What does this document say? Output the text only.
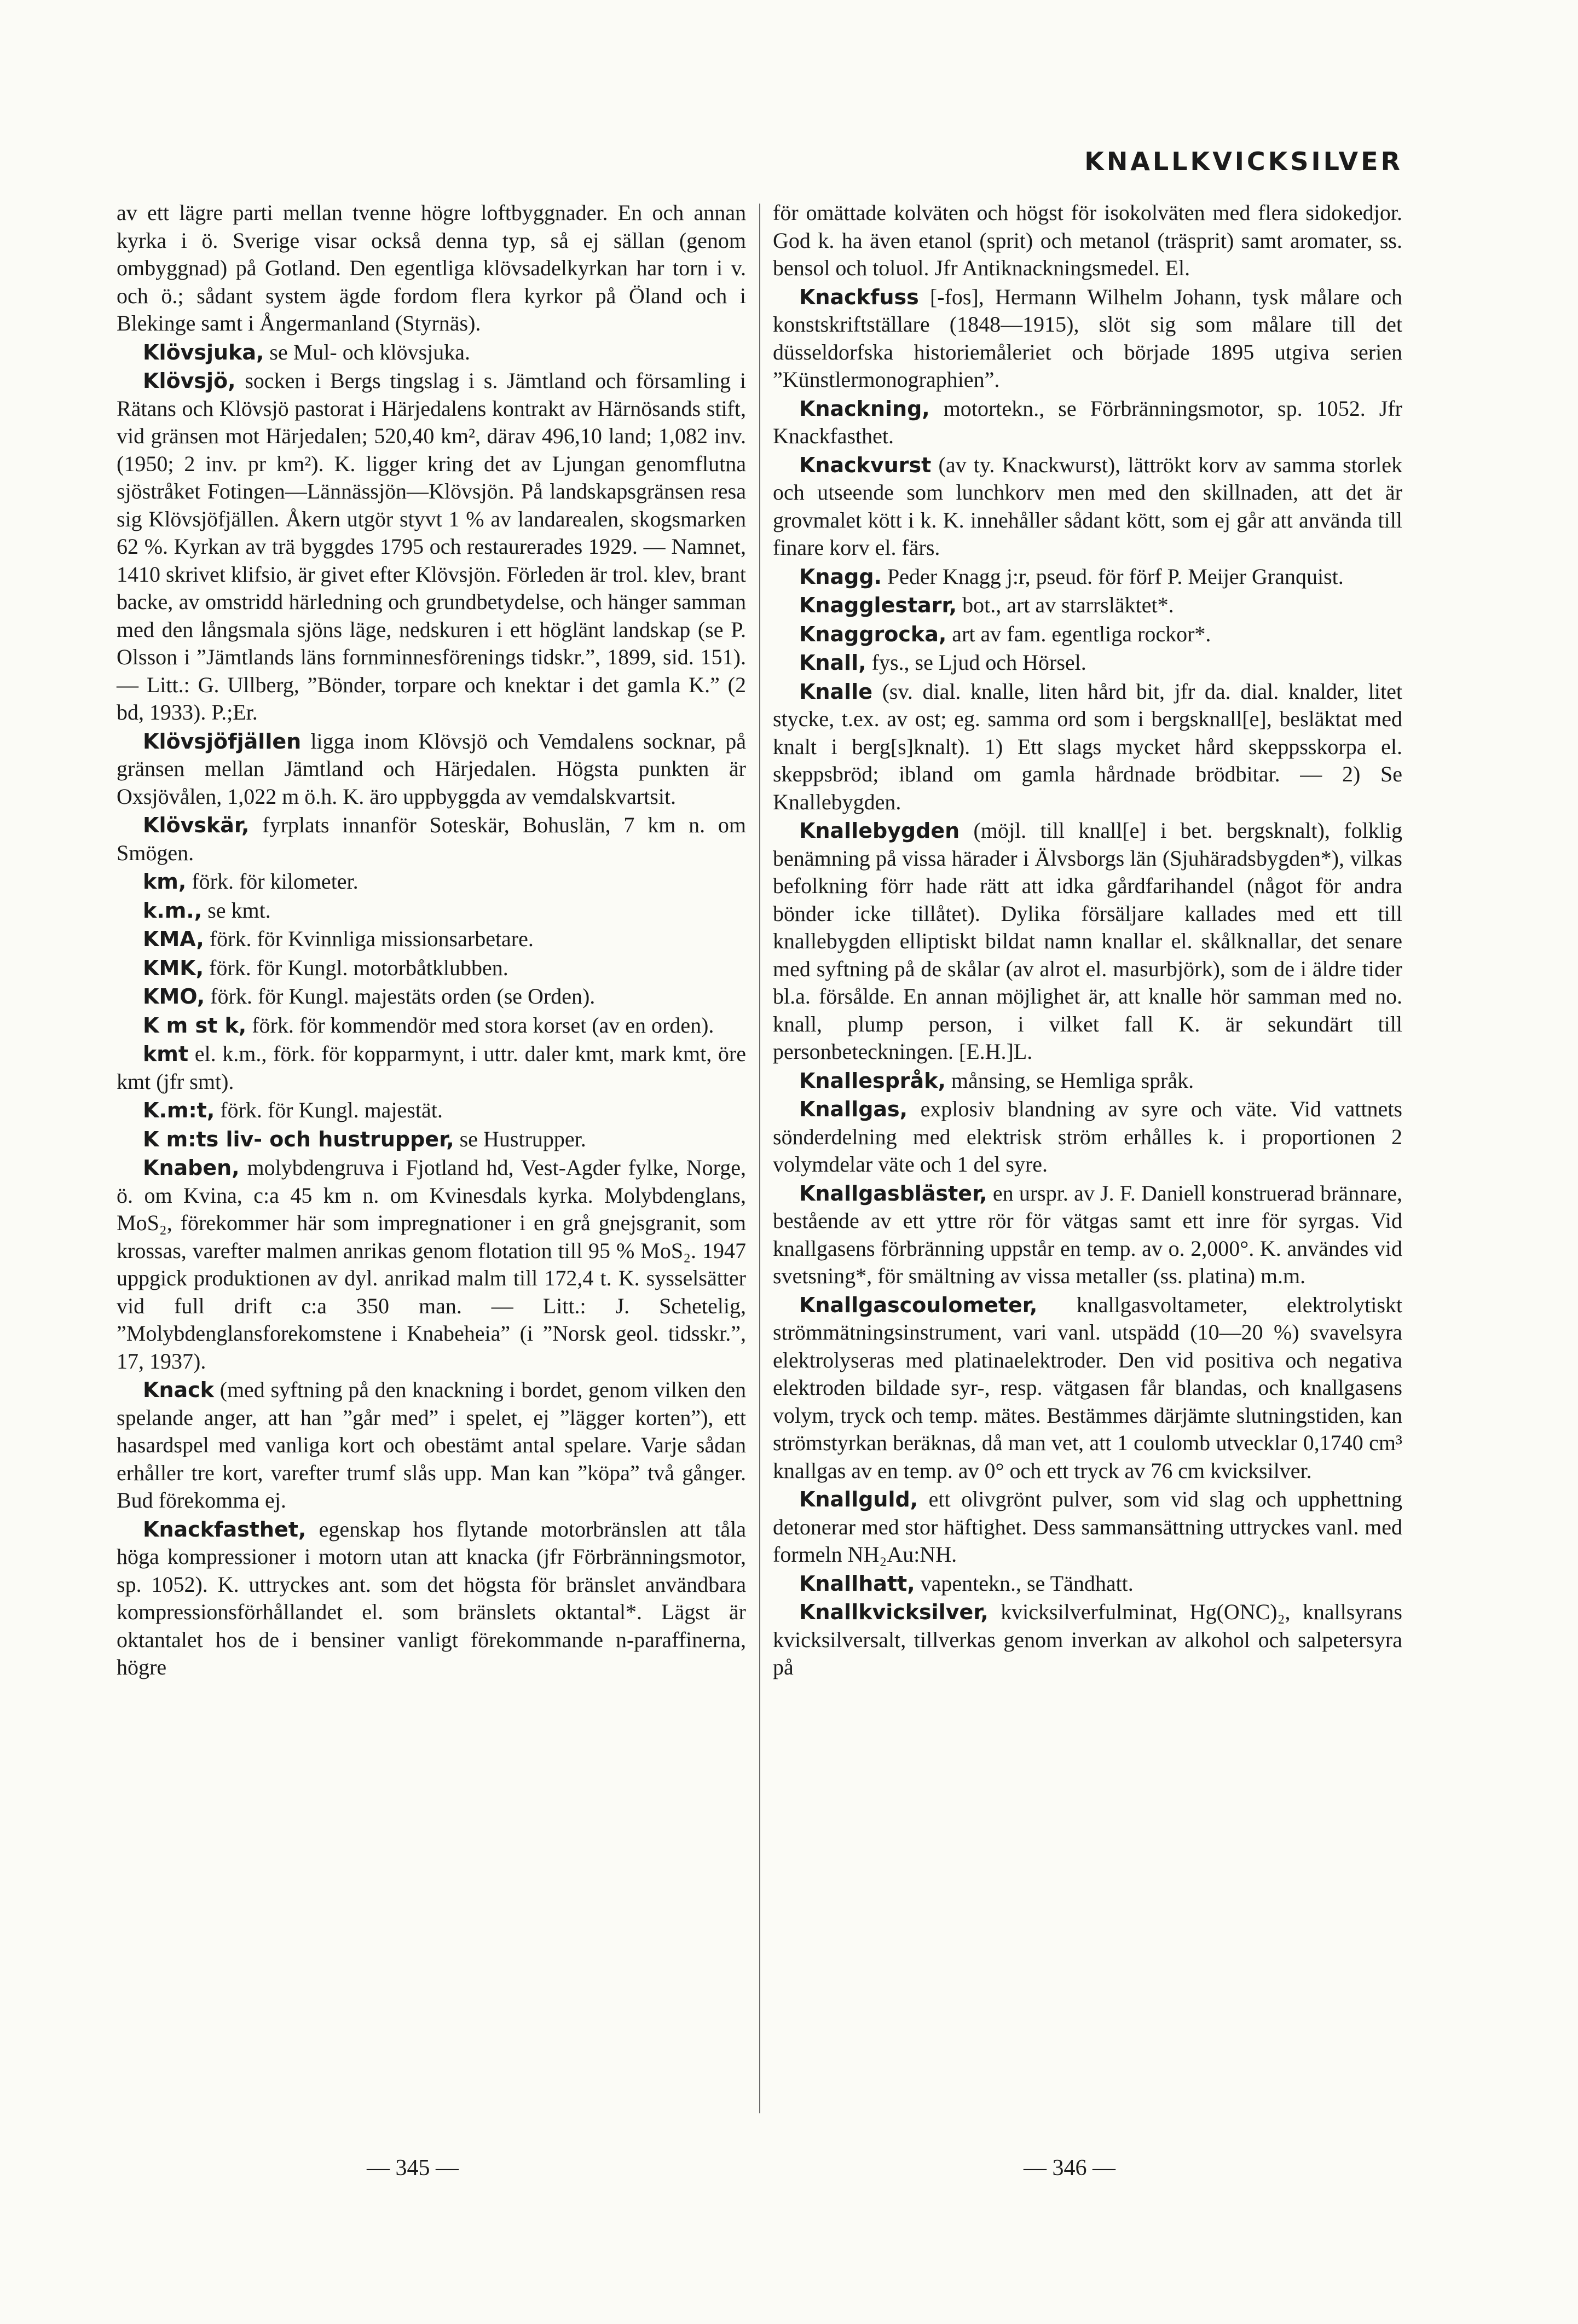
KNALLKVICKSILVER

av ett lägre parti mellan tvenne högre loftbyggnader. En och annan kyrka i ö. Sverige visar också denna typ, så ej sällan (genom ombyggnad) på Gotland. Den egentliga klövsadelkyrkan har torn i v. och ö.; sådant system ägde fordom flera kyrkor på Öland och i Blekinge samt i Ångermanland (Styrnäs).

Klövsjuka, se Mul- och klövsjuka.

Klövsjö, socken i Bergs tingslag i s. Jämtland och församling i Rätans och Klövsjö pastorat i Härjedalens kontrakt av Härnösands stift, vid gränsen mot Härjedalen; 520,40 km², därav 496,10 land; 1,082 inv. (1950; 2 inv. pr km²). K. ligger kring det av Ljungan genomflutna sjöstråket Fotingen—Lännässjön—Klövsjön. På landskapsgränsen resa sig Klövsjöfjällen. Åkern utgör styvt 1 % av landarealen, skogsmarken 62 %. Kyrkan av trä byggdes 1795 och restaurerades 1929. — Namnet, 1410 skrivet klifsio, är givet efter Klövsjön. Förleden är trol. klev, brant backe, av omstridd härledning och grundbetydelse, och hänger samman med den långsmala sjöns läge, nedskuren i ett höglänt landskap (se P. Olsson i ”Jämtlands läns fornminnesförenings tidskr.”, 1899, sid. 151). — Litt.: G. Ullberg, ”Bönder, torpare och knektar i det gamla K.” (2 bd, 1933). P.;Er.

Klövsjöfjällen ligga inom Klövsjö och Vemdalens socknar, på gränsen mellan Jämtland och Härjedalen. Högsta punkten är Oxsjövålen, 1,022 m ö.h. K. äro uppbyggda av vemdalskvartsit.

Klövskär, fyrplats innanför Soteskär, Bohuslän, 7 km n. om Smögen.

km, förk. för kilometer.

k.m., se kmt.

KMA, förk. för Kvinnliga missionsarbetare.

KMK, förk. för Kungl. motorbåtklubben.

KMO, förk. för Kungl. majestäts orden (se Orden).

K m st k, förk. för kommendör med stora korset (av en orden).

kmt el. k.m., förk. för kopparmynt, i uttr. daler kmt, mark kmt, öre kmt (jfr smt).

K.m:t, förk. för Kungl. majestät.

K m:ts liv- och hustrupper, se Hustrupper.

Knaben, molybdengruva i Fjotland hd, Vest-Agder fylke, Norge, ö. om Kvina, c:a 45 km n. om Kvinesdals kyrka. Molybdenglans, MoS₂, förekommer här som impregnationer i en grå gnejsgranit, som krossas, varefter malmen anrikas genom flotation till 95 % MoS₂. 1947 uppgick produktionen av dyl. anrikad malm till 172,4 t. K. sysselsätter vid full drift c:a 350 man. — Litt.: J. Schetelig, ”Molybdenglansforekomstene i Knabeheia” (i ”Norsk geol. tidsskr.”, 17, 1937).

Knack (med syftning på den knackning i bordet, genom vilken den spelande anger, att han ”går med” i spelet, ej ”lägger korten”), ett hasardspel med vanliga kort och obestämt antal spelare. Varje sådan erhåller tre kort, varefter trumf slås upp. Man kan ”köpa” två gånger. Bud förekomma ej.

Knackfasthet, egenskap hos flytande motorbränslen att tåla höga kompressioner i motorn utan att knacka (jfr Förbränningsmotor, sp. 1052). K. uttryckes ant. som det högsta för bränslet användbara kompressionsförhållandet el. som bränslets oktantal*. Lägst är oktantalet hos de i bensiner vanligt förekommande n-paraffinerna, högre

för omättade kolväten och högst för isokolväten med flera sidokedjor. God k. ha även etanol (sprit) och metanol (träsprit) samt aromater, ss. bensol och toluol. Jfr Antiknackningsmedel. El.

Knackfuss [-fos], Hermann Wilhelm Johann, tysk målare och konstskriftställare (1848—1915), slöt sig som målare till det düsseldorfska historiemåleriet och började 1895 utgiva serien ”Künstlermonographien”.

Knackning, motortekn., se Förbränningsmotor, sp. 1052. Jfr Knackfasthet.

Knackvurst (av ty. Knackwurst), lättrökt korv av samma storlek och utseende som lunchkorv men med den skillnaden, att det är grovmalet kött i k. K. innehåller sådant kött, som ej går att använda till finare korv el. färs.

Knagg. Peder Knagg j:r, pseud. för förf P. Meijer Granquist.

Knagglestarr, bot., art av starrsläktet*.

Knaggrocka, art av fam. egentliga rockor*.

Knall, fys., se Ljud och Hörsel.

Knalle (sv. dial. knalle, liten hård bit, jfr da. dial. knalder, litet stycke, t.ex. av ost; eg. samma ord som i bergsknall[e], besläktat med knalt i berg[s]knalt). 1) Ett slags mycket hård skeppsskorpa el. skeppsbröd; ibland om gamla hårdnade brödbitar. — 2) Se Knallebygden.

Knallebygden (möjl. till knall[e] i bet. bergsknalt), folklig benämning på vissa härader i Älvsborgs län (Sjuhäradsbygden*), vilkas befolkning förr hade rätt att idka gårdfarihandel (något för andra bönder icke tillåtet). Dylika försäljare kallades med ett till knallebygden elliptiskt bildat namn knallar el. skålknallar, det senare med syftning på de skålar (av alrot el. masurbjörk), som de i äldre tider bl.a. försålde. En annan möjlighet är, att knalle hör samman med no. knall, plump person, i vilket fall K. är sekundärt till personbeteckningen. [E.H.]L.

Knallespråk, månsing, se Hemliga språk.

Knallgas, explosiv blandning av syre och väte. Vid vattnets sönderdelning med elektrisk ström erhålles k. i proportionen 2 volymdelar väte och 1 del syre.

Knallgasbläster, en urspr. av J. F. Daniell konstruerad brännare, bestående av ett yttre rör för vätgas samt ett inre för syrgas. Vid knallgasens förbränning uppstår en temp. av o. 2,000°. K. användes vid svetsning*, för smältning av vissa metaller (ss. platina) m.m.

Knallgascoulometer, knallgasvoltameter, elektrolytiskt strömmätningsinstrument, vari vanl. utspädd (10—20 %) svavelsyra elektrolyseras med platinaelektroder. Den vid positiva och negativa elektroden bildade syr-, resp. vätgasen får blandas, och knallgasens volym, tryck och temp. mätes. Bestämmes därjämte slutningstiden, kan strömstyrkan beräknas, då man vet, att 1 coulomb utvecklar 0,1740 cm³ knallgas av en temp. av 0° och ett tryck av 76 cm kvicksilver.

Knallguld, ett olivgrönt pulver, som vid slag och upphettning detonerar med stor häftighet. Dess sammansättning uttryckes vanl. med formeln NH₂Au:NH.

Knallhatt, vapentekn., se Tändhatt.

Knallkvicksilver, kvicksilverfulminat, Hg(ONC)₂, knallsyrans kvicksilversalt, tillverkas genom inverkan av alkohol och salpetersyra på

— 345 —	— 346 —
